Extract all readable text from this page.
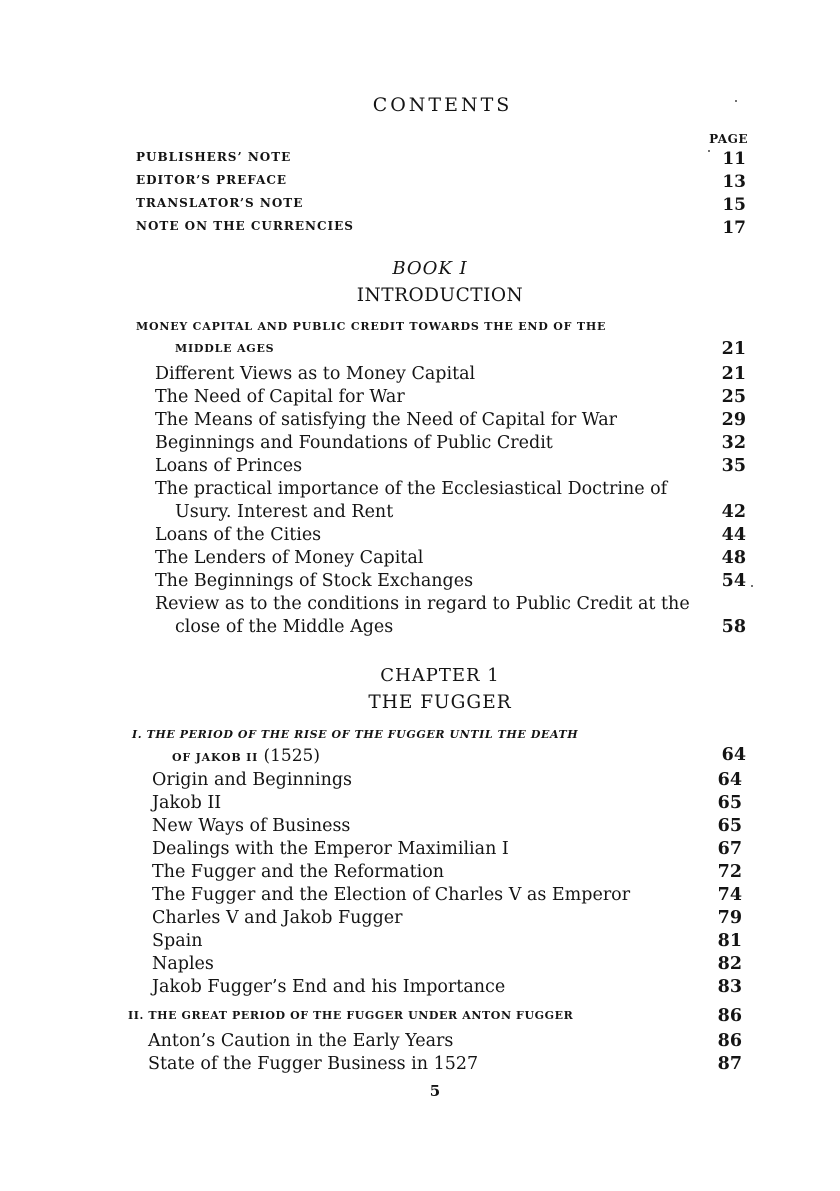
CONTENTS
PAGE
PUBLISHERS’ NOTE	11
EDITOR’S PREFACE	13
TRANSLATOR’S NOTE	15
NOTE ON THE CURRENCIES	17
BOOK I
INTRODUCTION
MONEY CAPITAL AND PUBLIC CREDIT TOWARDS THE END OF THE
MIDDLE AGES	21
Different Views as to Money Capital	21
The Need of Capital for War	25
The Means of satisfying the Need of Capital for War	29
Beginnings and Foundations of Public Credit	32
Loans of Princes	35
The practical importance of the Ecclesiastical Doctrine of
Usury. Interest and Rent	42
Loans of the Cities	44
The Lenders of Money Capital	48
The Beginnings of Stock Exchanges	54
Review as to the conditions in regard to Public Credit at the
close of the Middle Ages	58
CHAPTER 1
THE FUGGER
I. THE PERIOD OF THE RISE OF THE FUGGER UNTIL THE DEATH
OF JAKOB II (1525)	64
Origin and Beginnings	64
Jakob II	65
New Ways of Business	65
Dealings with the Emperor Maximilian I	67
The Fugger and the Reformation	72
The Fugger and the Election of Charles V as Emperor	74
Charles V and Jakob Fugger	79
Spain	81
Naples	82
Jakob Fugger’s End and his Importance	83
II. THE GREAT PERIOD OF THE FUGGER UNDER ANTON FUGGER	86
Anton’s Caution in the Early Years	86
State of the Fugger Business in 1527	87
5
